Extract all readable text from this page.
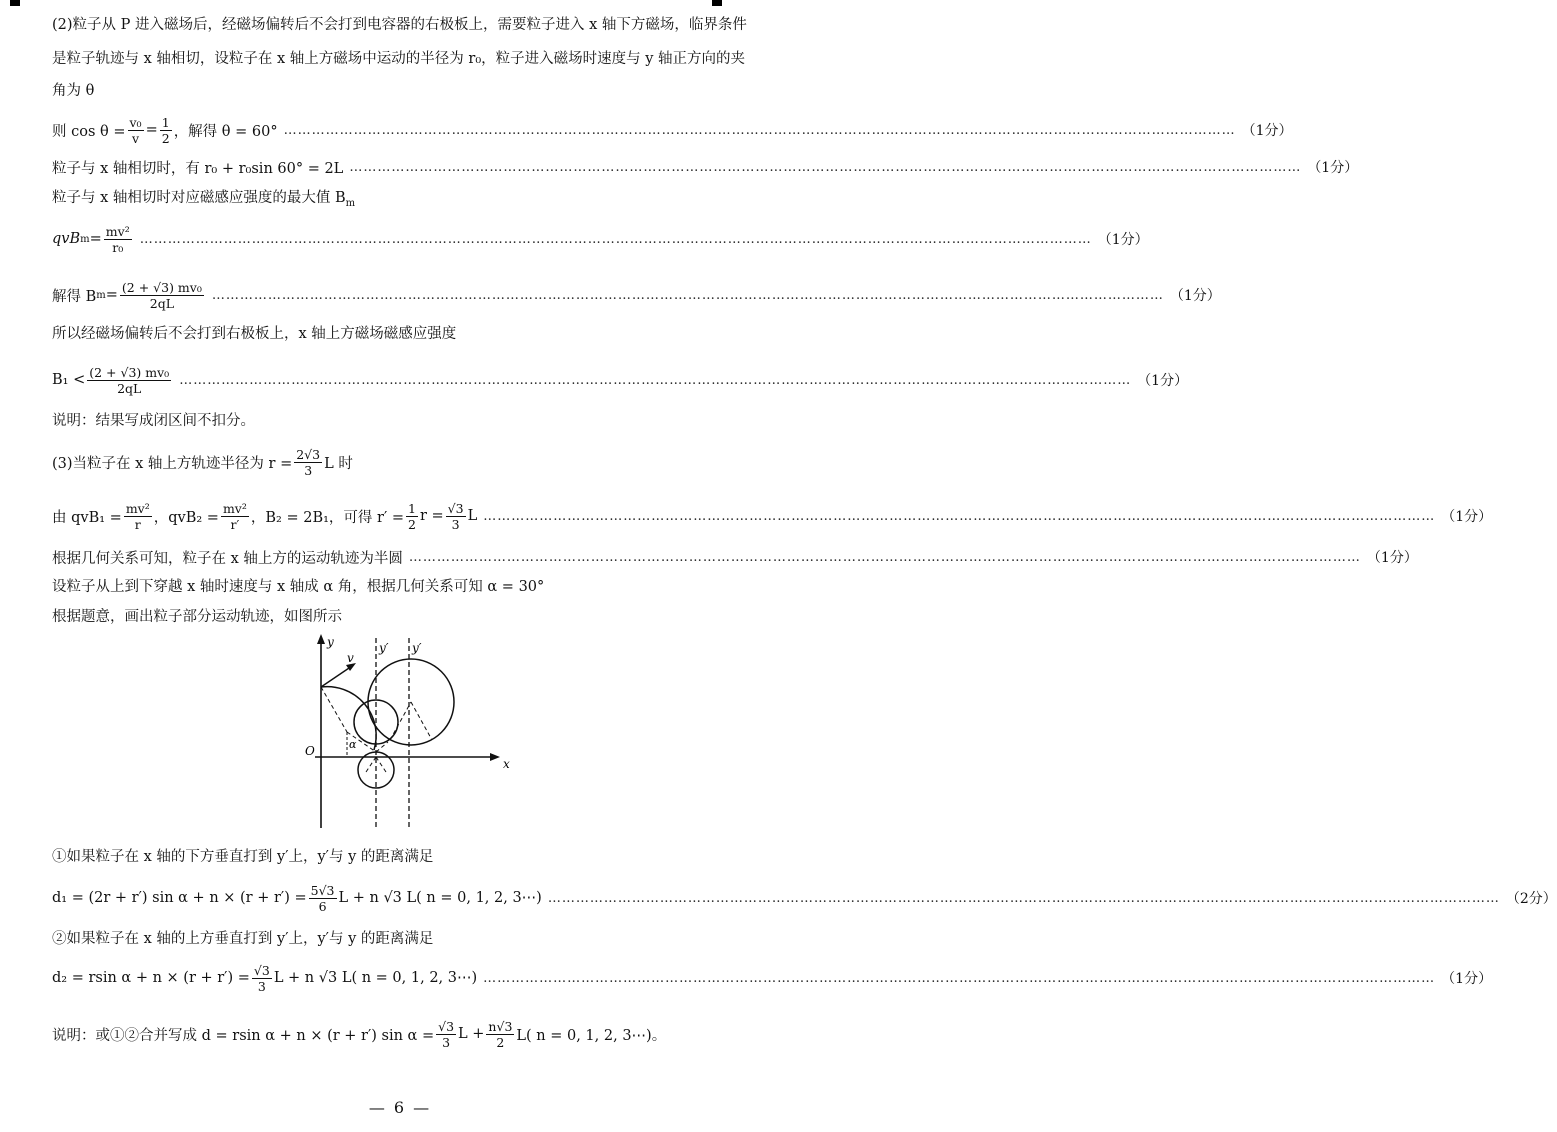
(2)粒子从 P 进入磁场后，经磁场偏转后不会打到电容器的右极板上，需要粒子进入 x 轴下方磁场，临界条件
是粒子轨迹与 x 轴相切，设粒子在 x 轴上方磁场中运动的半径为 r₀，粒子进入磁场时速度与 y 轴正方向的夹
角为 θ
则 $\cos \theta = \frac{\text{v₀}}{v} = \frac{1}{2}$ ，解得 θ = 60° …………………………………………………………………………………………………………………………………………………………………………………… （1分）
粒子与 x 轴相切时，有 r₀ + r₀sin 60° = 2L …………………………………………………………………………………………………………………………………………………………………………………… （1分）
粒子与 x 轴相切时对应磁感应强度的最大值 $B_m$
qvB $m = \frac{\text{mv²}}{\text{r₀}}$ …………………………………………………………………………………………………………………………………………………………………………………… （1分）
解得 B $m = \frac{\text{(2 + √3) mv₀}}{2qL}$ …………………………………………………………………………………………………………………………………………………………………………………… （1分）
所以经磁场偏转后不会打到右极板上，x 轴上方磁场磁感应强度
$B_1 < \frac{\text{(2 + √3) mv₀}}{2qL}$ …………………………………………………………………………………………………………………………………………………………………………………… （1分）
说明：结果写成闭区间不扣分。
(3)当粒子在 x 轴上方轨迹半径为 $r = \frac{2√3}{3}$ L 时
由 $qvB_1 = \frac{\text{mv²}}{r}$ ，$qvB_2 = \frac{\text{mv²}}{r'}$ ，B₂ = 2B₁，可得 $r' = \frac{1}{2}$ $r = \frac{√3}{3}$ L …………………………………………………………………………………………………………………………………………………………………………………… （1分）
根据几何关系可知，粒子在 x 轴上方的运动轨迹为半圆 …………………………………………………………………………………………………………………………………………………………………………………… （1分）
设粒子从上到下穿越 x 轴时速度与 x 轴成 α 角，根据几何关系可知 α = 30°
根据题意，画出粒子部分运动轨迹，如图所示
y	y′ y′
v
O
x
α
①如果粒子在 x 轴的下方垂直打到 y′上，y′与 y 的距离满足
d₁ = (2r + r′) $\sin \alpha + n \times (r + r') = \frac{5√3}{6}$ L + n √3 L( n = 0, 1, 2, 3⋯) …………………………………………………………………………………………………………………………………………………………………………………… （2分）
②如果粒子在 x 轴的上方垂直打到 y′上，y′与 y 的距离满足
d₂ = rsin $\alpha + n \times (r + r') = \frac{√3}{3}$ L + n √3 L( n = 0, 1, 2, 3⋯) …………………………………………………………………………………………………………………………………………………………………………………… （1分）
说明：或①②合并写成 d = rsin α + n × (r + r′) $\sin \alpha = \frac{√3}{3}$ $L + \frac{n√3}{2} L$( n = 0, 1, 2, 3⋯)。
— 6 —
